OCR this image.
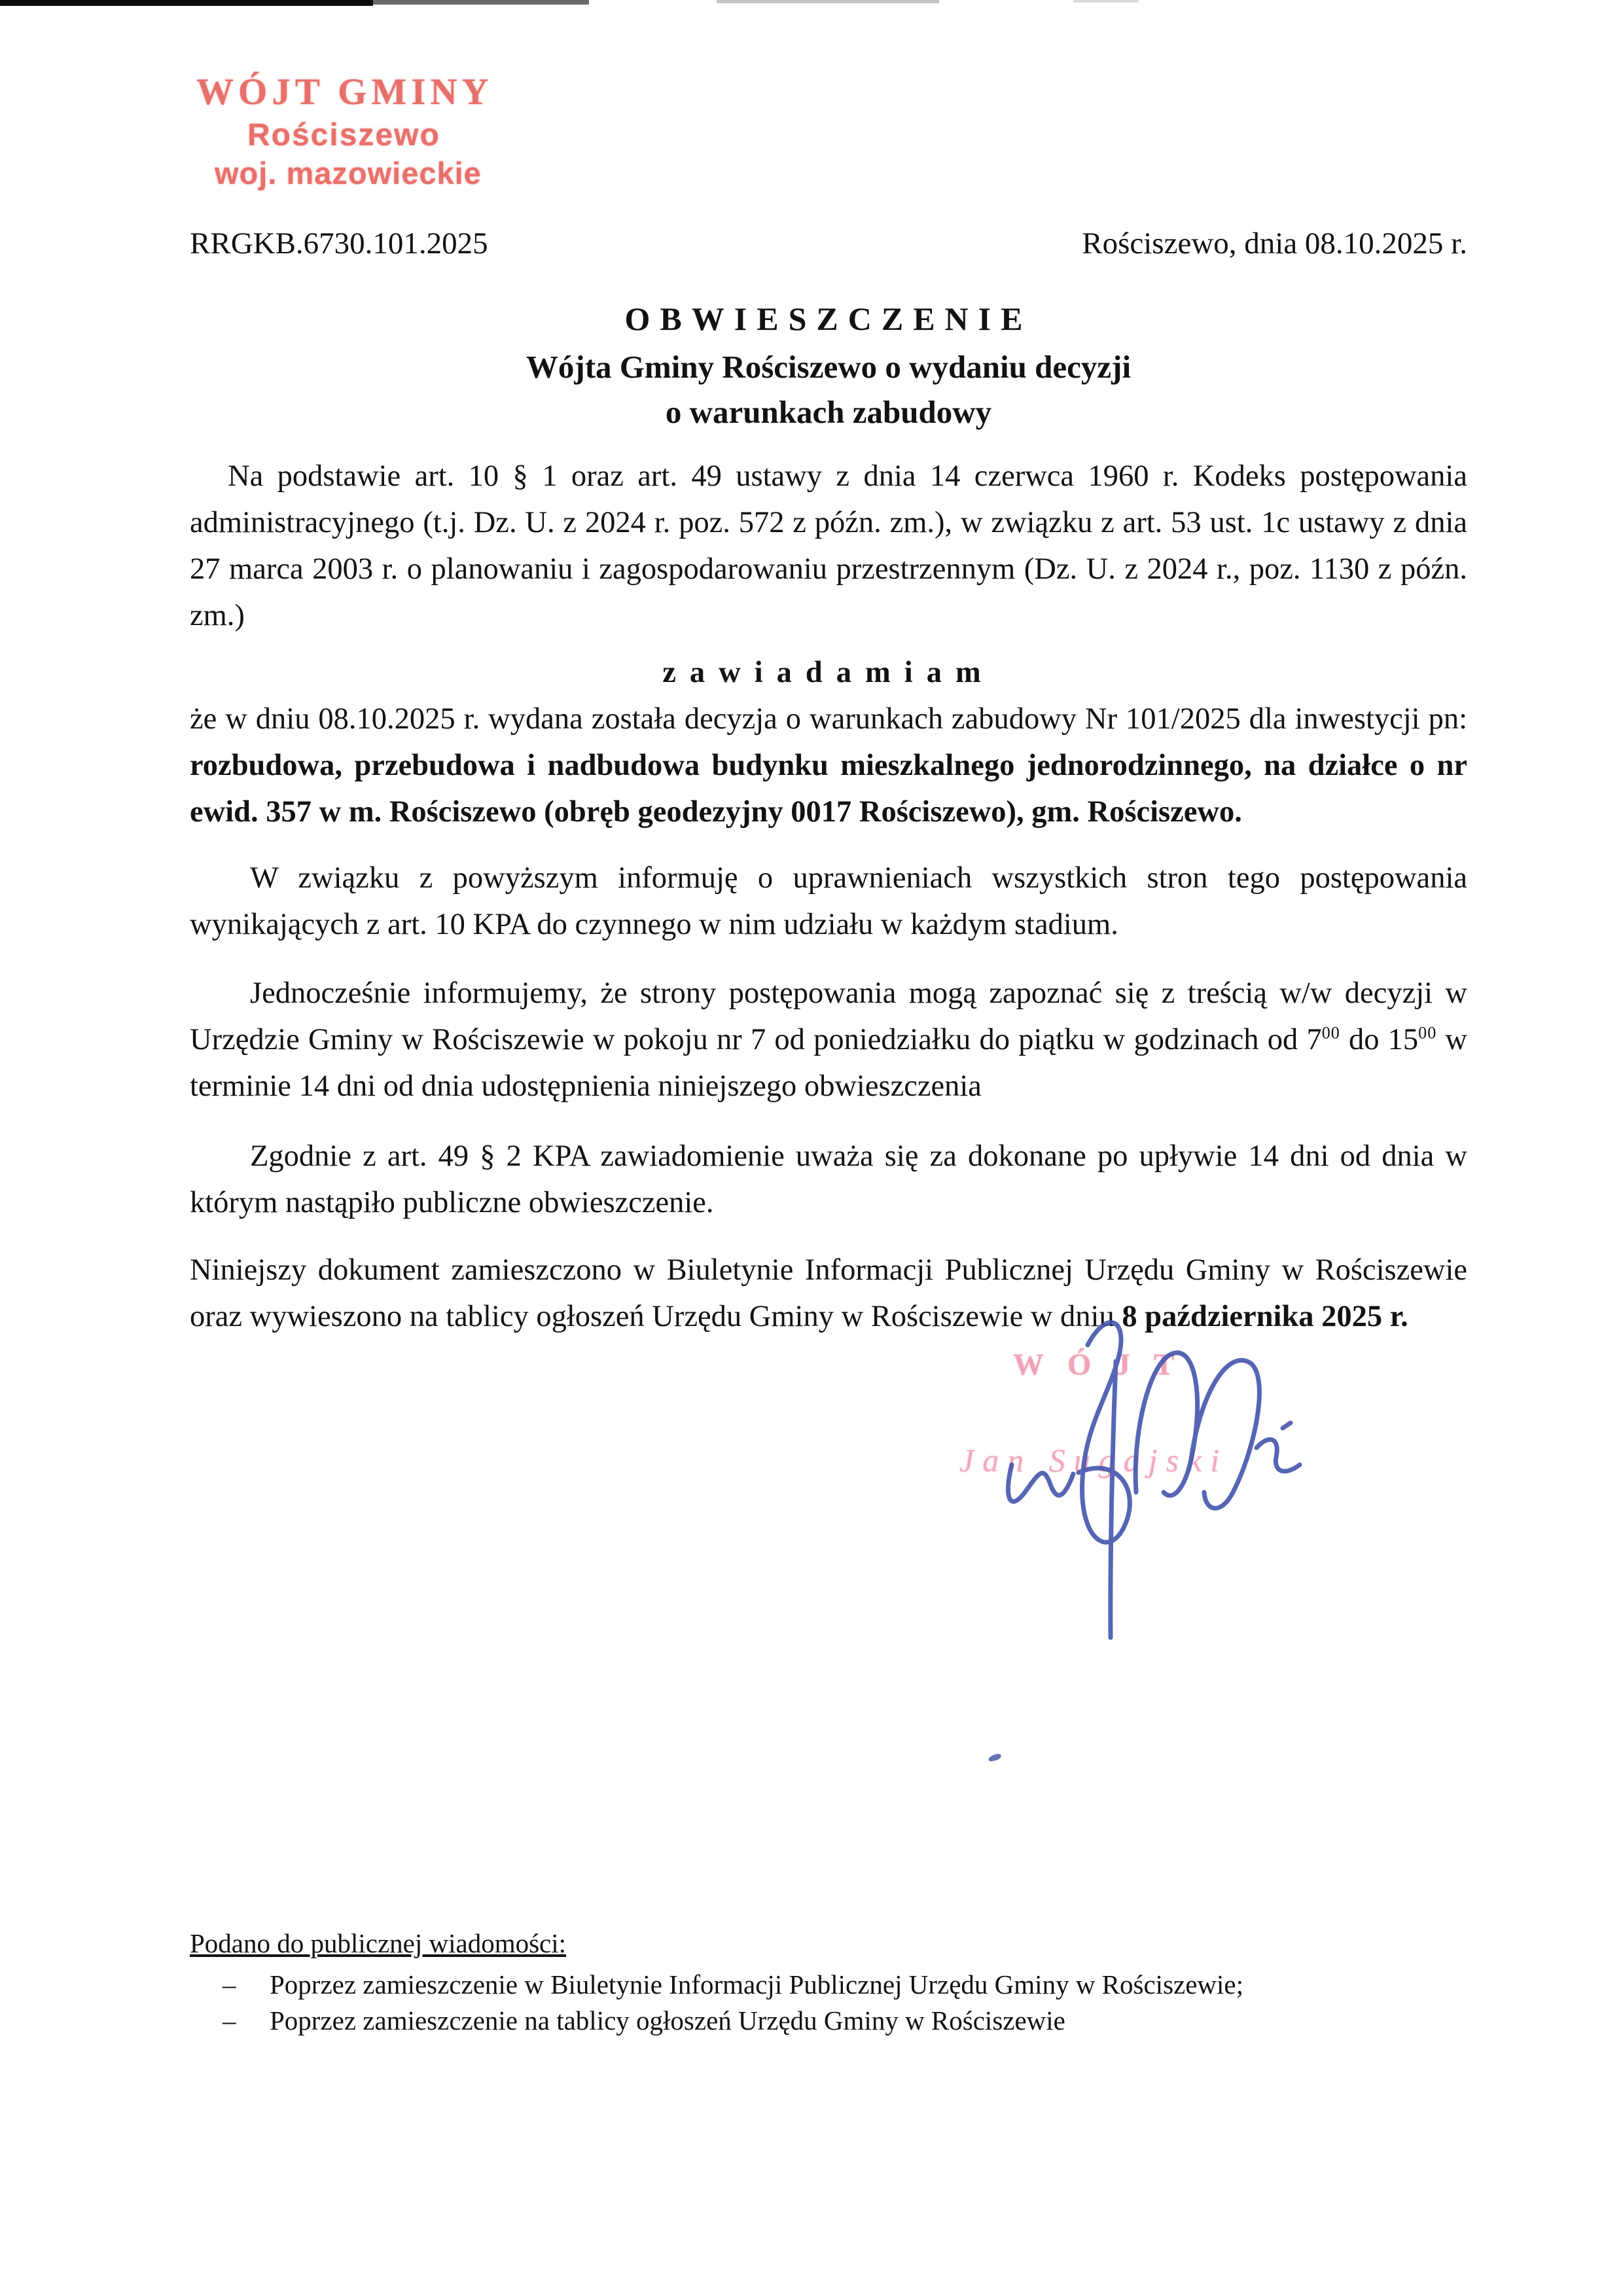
WÓJT GMINY
Rościszewo
woj. mazowieckie
RRGKB.6730.101.2025	Rościszewo, dnia 08.10.2025 r.
OBWIESZCZENIE
Wójta Gminy Rościszewo o wydaniu decyzji
o warunkach zabudowy

Na podstawie art. 10 § 1 oraz art. 49 ustawy z dnia 14 czerwca 1960 r. Kodeks postępowania administracyjnego (t.j. Dz. U. z 2024 r. poz. 572 z późn. zm.), w związku z art. 53 ust. 1c ustawy z dnia 27 marca 2003 r. o planowaniu i zagospodarowaniu przestrzennym (Dz. U. z 2024 r., poz. 1130 z późn. zm.)

zawiadamiam

że w dniu 08.10.2025 r. wydana została decyzja o warunkach zabudowy Nr 101/2025 dla inwestycji pn: rozbudowa, przebudowa i nadbudowa budynku mieszkalnego jednorodzinnego, na działce o nr ewid. 357 w m. Rościszewo (obręb geodezyjny 0017 Rościszewo), gm. Rościszewo.

W związku z powyższym informuję o uprawnieniach wszystkich stron tego postępowania wynikających z art. 10 KPA do czynnego w nim udziału w każdym stadium.

Jednocześnie informujemy, że strony postępowania mogą zapoznać się z treścią w/w decyzji w Urzędzie Gminy w Rościszewie w pokoju nr 7 od poniedziałku do piątku w godzinach od $7^{00}$ do $15^{00}$ w terminie 14 dni od dnia udostępnienia niniejszego obwieszczenia

Zgodnie z art. 49 § 2 KPA zawiadomienie uważa się za dokonane po upływie 14 dni od dnia w którym nastąpiło publiczne obwieszczenie.

Niniejszy dokument zamieszczono w Biuletynie Informacji Publicznej Urzędu Gminy w Rościszewie oraz wywieszono na tablicy ogłoszeń Urzędu Gminy w Rościszewie w dniu 8 października 2025 r.

WÓJT
Jan Sugajski
Podano do publicznej wiadomości:
–	Poprzez zamieszczenie w Biuletynie Informacji Publicznej Urzędu Gminy w Rościszewie;
–	Poprzez zamieszczenie na tablicy ogłoszeń Urzędu Gminy w Rościszewie
